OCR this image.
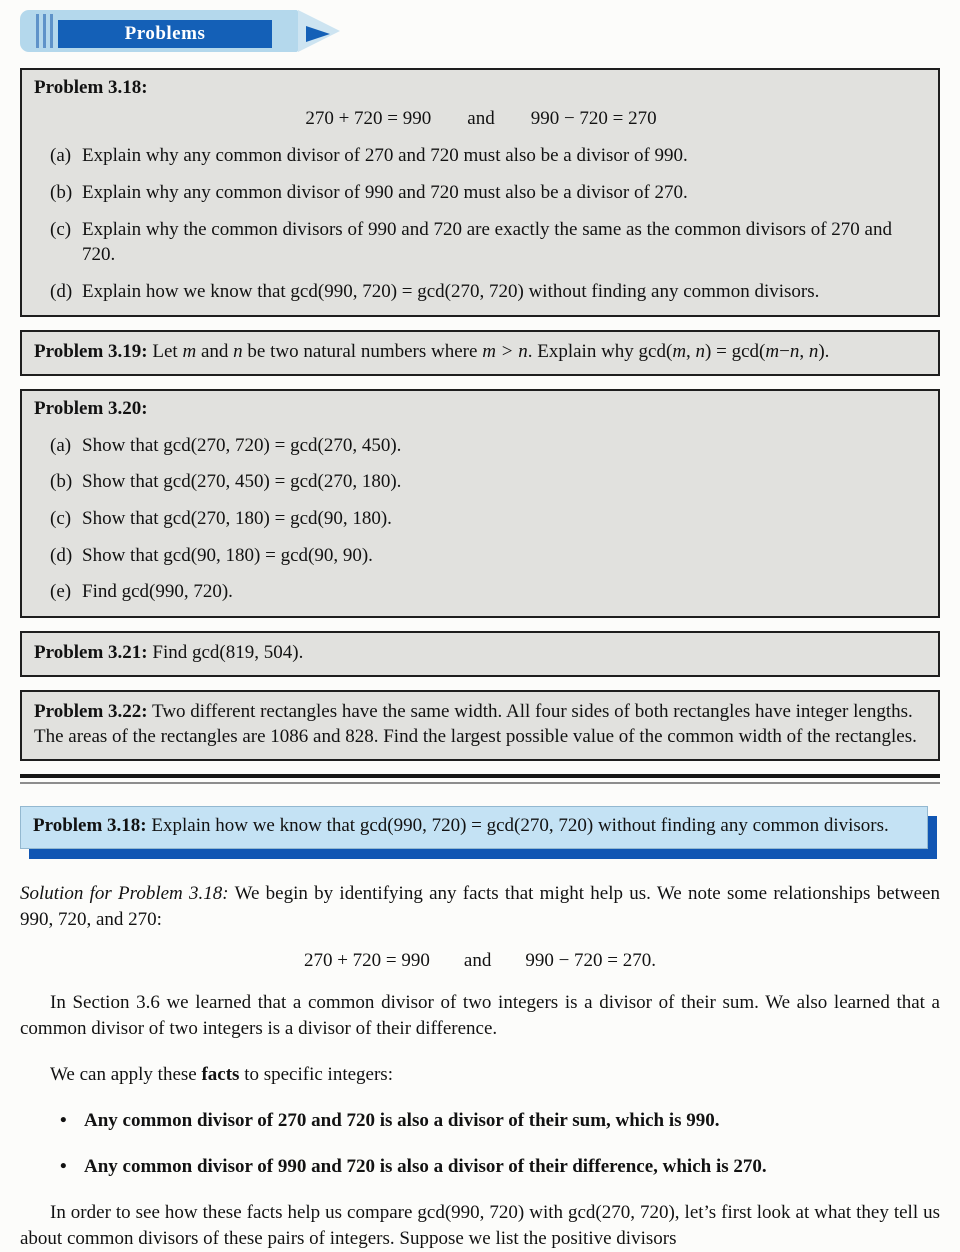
Problems
Problem 3.18:
270 + 720 = 990 and 990 − 720 = 270
(a) Explain why any common divisor of 270 and 720 must also be a divisor of 990.
(b) Explain why any common divisor of 990 and 720 must also be a divisor of 270.
(c) Explain why the common divisors of 990 and 720 are exactly the same as the common divisors of 270 and 720.
(d) Explain how we know that gcd(990, 720) = gcd(270, 720) without finding any common divisors.
Problem 3.19: Let m and n be two natural numbers where m > n. Explain why gcd(m, n) = gcd(m−n, n).
Problem 3.20:
(a) Show that gcd(270, 720) = gcd(270, 450).
(b) Show that gcd(270, 450) = gcd(270, 180).
(c) Show that gcd(270, 180) = gcd(90, 180).
(d) Show that gcd(90, 180) = gcd(90, 90).
(e) Find gcd(990, 720).
Problem 3.21: Find gcd(819, 504).
Problem 3.22: Two different rectangles have the same width. All four sides of both rectangles have integer lengths. The areas of the rectangles are 1086 and 828. Find the largest possible value of the common width of the rectangles.
Problem 3.18: Explain how we know that gcd(990, 720) = gcd(270, 720) without finding any common divisors.

Solution for Problem 3.18: We begin by identifying any facts that might help us. We note some relationships between 990, 720, and 270:

270 + 720 = 990 and 990 − 720 = 270.

In Section 3.6 we learned that a common divisor of two integers is a divisor of their sum. We also learned that a common divisor of two integers is a divisor of their difference.

We can apply these facts to specific integers:

• Any common divisor of 270 and 720 is also a divisor of their sum, which is 990.
• Any common divisor of 990 and 720 is also a divisor of their difference, which is 270.

In order to see how these facts help us compare gcd(990, 720) with gcd(270, 720), let’s first look at what they tell us about common divisors of these pairs of integers. Suppose we list the positive divisors
